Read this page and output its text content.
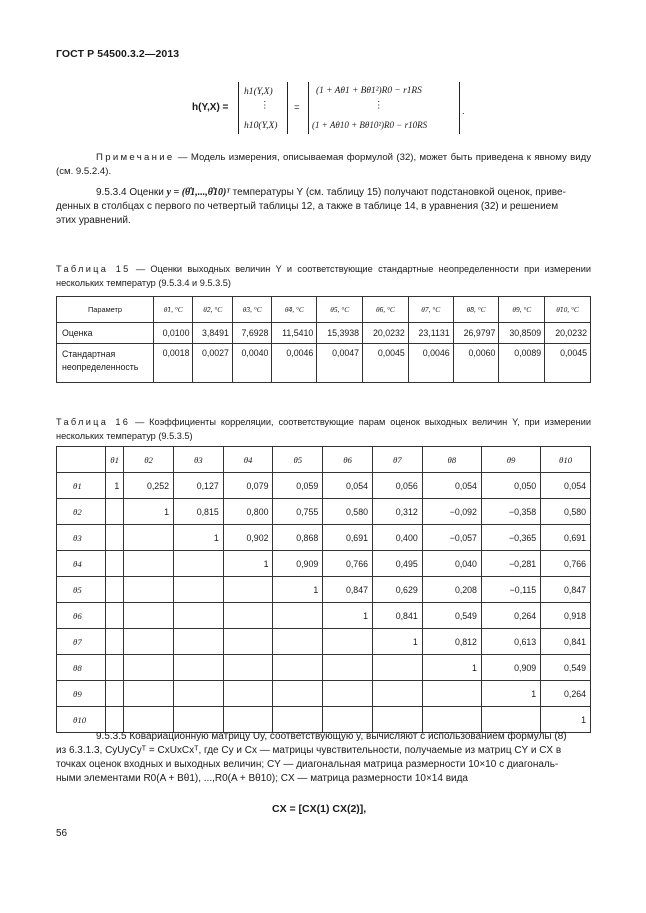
ГОСТ Р 54500.3.2—2013
h(Y,X) =
h1(Y,X)
⋮
h10(Y,X)
=
(1 + Aθ1 + Bθ1²)R0 − r1RS
⋮
(1 + Aθ10 + Bθ10²)R0 − r10RS
.
Примечание — Модель измерения, описываемая формулой (32), может быть приведена к явному виду (см. 9.5.2.4).
9.5.3.4 Оценки y = (θ̂1,...,θ̂10)ᵀ температуры Y (см. таблицу 15) получают подстановкой оценок, приве-
денных в столбцах с первого по четвертый таблицы 12, а также в таблице 14, в уравнения (32) и решением
этих уравнений.
Таблица 15 — Оценки выходных величин Y и соответствующие стандартные неопределенности при измерении нескольких температур (9.5.3.4 и 9.5.3.5)
Параметр	θ̂1, °C	θ̂2, °C	θ̂3, °C	θ̂4, °C	θ̂5, °C	θ̂6, °C	θ̂7, °C	θ̂8, °C	θ̂9, °C	θ̂10, °C
Оценка	0,0100	3,8491	7,6928	11,5410	15,3938	20,0232	23,1131	26,9797	30,8509	20,0232
Стандартная неопределенность	0,0018	0,0027	0,0040	0,0046	0,0047	0,0045	0,0046	0,0060	0,0089	0,0045
Таблица 16 — Коэффициенты корреляции, соответствующие парам оценок выходных величин Y, при измерении нескольких температур (9.5.3.5)
	θ1	θ2	θ3	θ4	θ5	θ6	θ7	θ8	θ9	θ10
θ1	1	0,252	0,127	0,079	0,059	0,054	0,056	0,054	0,050	0,054
θ2		1	0,815	0,800	0,755	0,580	0,312	−0,092	−0,358	0,580
θ3			1	0,902	0,868	0,691	0,400	−0,057	−0,365	0,691
θ4				1	0,909	0,766	0,495	0,040	−0,281	0,766
θ5					1	0,847	0,629	0,208	−0,115	0,847
θ6						1	0,841	0,549	0,264	0,918
θ7							1	0,812	0,613	0,841
θ8								1	0,909	0,549
θ9									1	0,264
θ10										1
9.5.3.5 Ковариационную матрицу Uy, соответствующую y, вычисляют с использованием формулы (8)
из 6.3.1.3, CyUyCyᵀ = CxUxCxᵀ, где Cy и Cx — матрицы чувствительности, получаемые из матриц CY и CX в
точках оценок входных и выходных величин; CY — диагональная матрица размерности 10×10 с диагональ-
ными элементами R0(A + Bθ1), ...,R0(A + Bθ10); CX — матрица размерности 10×14 вида
CX = [CX(1) CX(2)],
56
